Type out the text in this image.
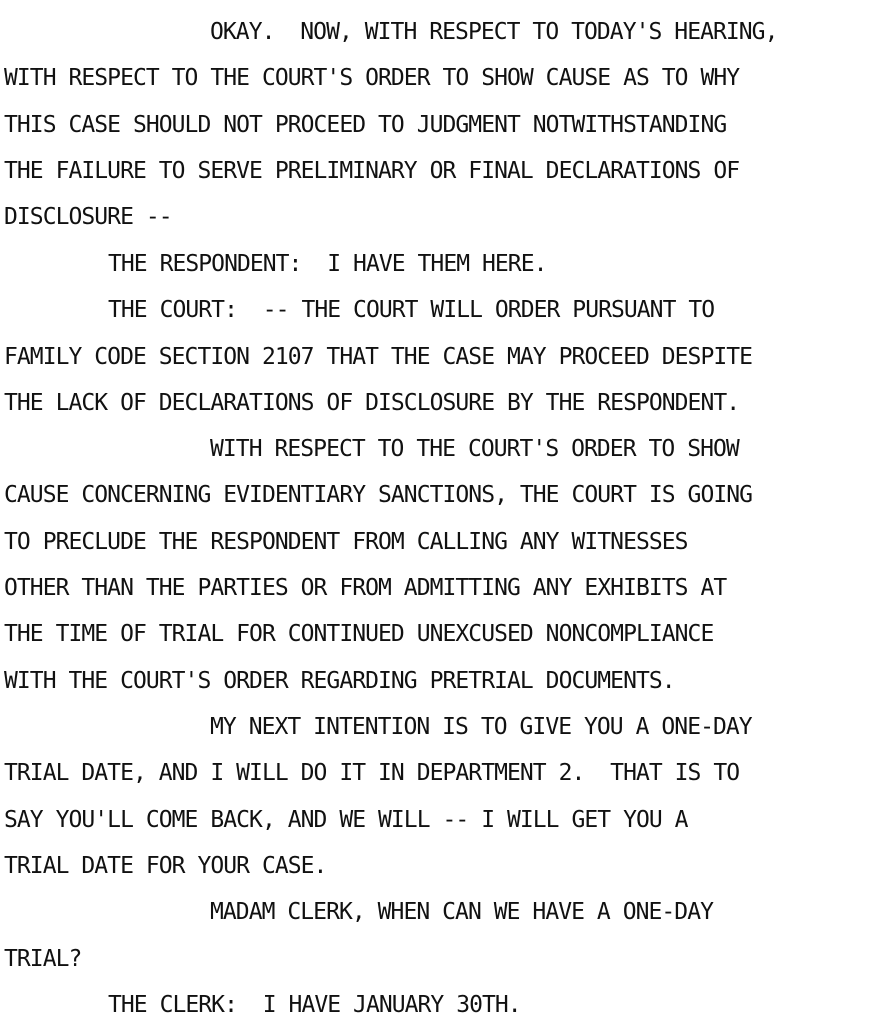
OKAY.  NOW, WITH RESPECT TO TODAY'S HEARING,
WITH RESPECT TO THE COURT'S ORDER TO SHOW CAUSE AS TO WHY
THIS CASE SHOULD NOT PROCEED TO JUDGMENT NOTWITHSTANDING
THE FAILURE TO SERVE PRELIMINARY OR FINAL DECLARATIONS OF
DISCLOSURE --
THE RESPONDENT:  I HAVE THEM HERE.
THE COURT:  -- THE COURT WILL ORDER PURSUANT TO
FAMILY CODE SECTION 2107 THAT THE CASE MAY PROCEED DESPITE
THE LACK OF DECLARATIONS OF DISCLOSURE BY THE RESPONDENT.
WITH RESPECT TO THE COURT'S ORDER TO SHOW
CAUSE CONCERNING EVIDENTIARY SANCTIONS, THE COURT IS GOING
TO PRECLUDE THE RESPONDENT FROM CALLING ANY WITNESSES
OTHER THAN THE PARTIES OR FROM ADMITTING ANY EXHIBITS AT
THE TIME OF TRIAL FOR CONTINUED UNEXCUSED NONCOMPLIANCE
WITH THE COURT'S ORDER REGARDING PRETRIAL DOCUMENTS.
MY NEXT INTENTION IS TO GIVE YOU A ONE-DAY
TRIAL DATE, AND I WILL DO IT IN DEPARTMENT 2.  THAT IS TO
SAY YOU'LL COME BACK, AND WE WILL -- I WILL GET YOU A
TRIAL DATE FOR YOUR CASE.
MADAM CLERK, WHEN CAN WE HAVE A ONE-DAY
TRIAL?
THE CLERK:  I HAVE JANUARY 30TH.
